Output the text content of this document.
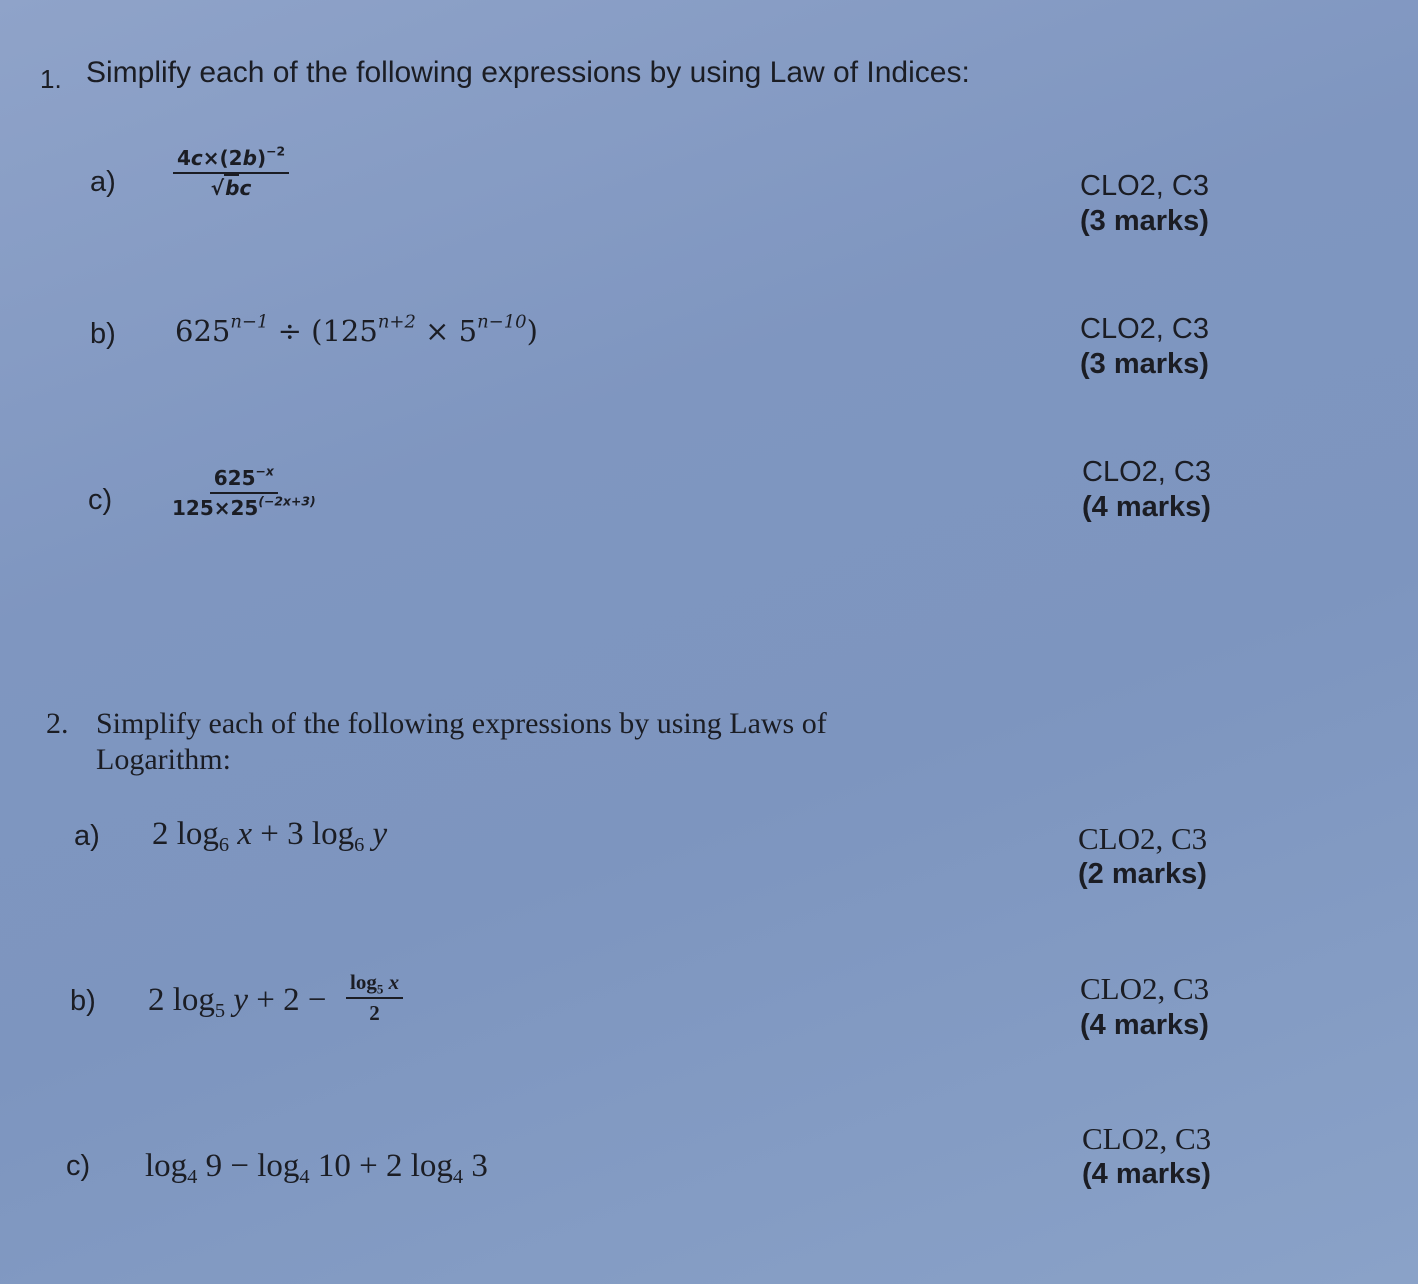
1. Simplify each of the following expressions by using Law of Indices:
a)	$\frac{4c\times(2b)^{-2}}{√bc}$	CLO2, C3
(3 marks)
b) $625^{n-1} \div (125^{n+2} \times 5^{n-10})$	CLO2, C3
(3 marks)
c)	$\frac{625^{-x}}{125\times 25^{(-2x+3)}}$	CLO2, C3
(4 marks)
2. Simplify each of the following expressions by using Laws of
Logarithm:
a) 2 $\log_6 x + 3$ $\log_6 y$	CLO2, C3
(2 marks)
b) 2 $\log_5 y + 2 - \frac{\log_5 x}{2}$	CLO2, C3
(4 marks)
c) $\log_4 9 - \log_4 10 + 2$ $\log_4 3$
CLO2, C3
(4 marks)
